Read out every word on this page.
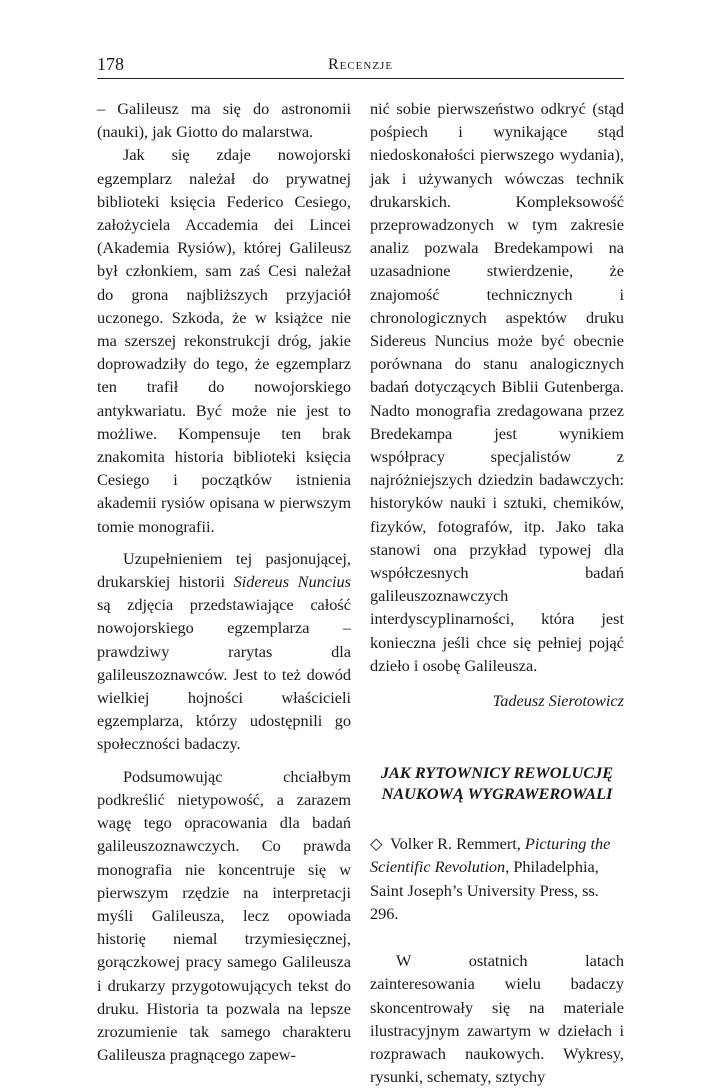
178	Recenzje

– Galileusz ma się do astronomii (nauki), jak Giotto do malarstwa.

Jak się zdaje nowojorski egzemplarz należał do prywatnej biblioteki księcia Federico Cesiego, założyciela Accademia dei Lincei (Akademia Rysiów), której Galileusz był członkiem, sam zaś Cesi należał do grona najbliższych przyjaciół uczonego. Szkoda, że w książce nie ma szerszej rekonstrukcji dróg, jakie doprowadziły do tego, że egzemplarz ten trafił do nowojorskiego antykwariatu. Być może nie jest to możliwe. Kompensuje ten brak znakomita historia biblioteki księcia Cesiego i początków istnienia akademii rysiów opisana w pierwszym tomie monografii.

Uzupełnieniem tej pasjonującej, drukarskiej historii Sidereus Nuncius są zdjęcia przedstawiające całość nowojorskiego egzemplarza – prawdziwy rarytas dla galileuszoznawców. Jest to też dowód wielkiej hojności właścicieli egzemplarza, którzy udostępnili go społeczności badaczy.

Podsumowując chciałbym podkreślić nietypowość, a zarazem wagę tego opracowania dla badań galileuszoznawczych. Co prawda monografia nie koncentruje się w pierwszym rzędzie na interpretacji myśli Galileusza, lecz opowiada historię niemal trzymiesięcznej, gorączkowej pracy samego Galileusza i drukarzy przygotowujących tekst do druku. Historia ta pozwala na lepsze zrozumienie tak samego charakteru Galileusza pragnącego zapew-

nić sobie pierwszeństwo odkryć (stąd pośpiech i wynikające stąd niedoskonałości pierwszego wydania), jak i używanych wówczas technik drukarskich. Kompleksowość przeprowadzonych w tym zakresie analiz pozwala Bredekampowi na uzasadnione stwierdzenie, że znajomość technicznych i chronologicznych aspektów druku Sidereus Nuncius może być obecnie porównana do stanu analogicznych badań dotyczących Biblii Gutenberga. Nadto monografia zredagowana przez Bredekampa jest wynikiem współpracy specjalistów z najróżniejszych dziedzin badawczych: historyków nauki i sztuki, chemików, fizyków, fotografów, itp. Jako taka stanowi ona przykład typowej dla współczesnych badań galileuszoznawczych interdyscyplinarności, która jest konieczna jeśli chce się pełniej pojąć dzieło i osobę Galileusza.

Tadeusz Sierotowicz

JAK RYTOWNICY REWOLUCJĘ
NAUKOWĄ WYGRAWEROWALI

◇ Volker R. Remmert, Picturing the Scientific Revolution, Philadelphia, Saint Joseph’s University Press, ss. 296.

W ostatnich latach zainteresowania wielu badaczy skoncentrowały się na materiale ilustracyjnym zawartym w dziełach i rozprawach naukowych. Wykresy, rysunki, schematy, sztychy
